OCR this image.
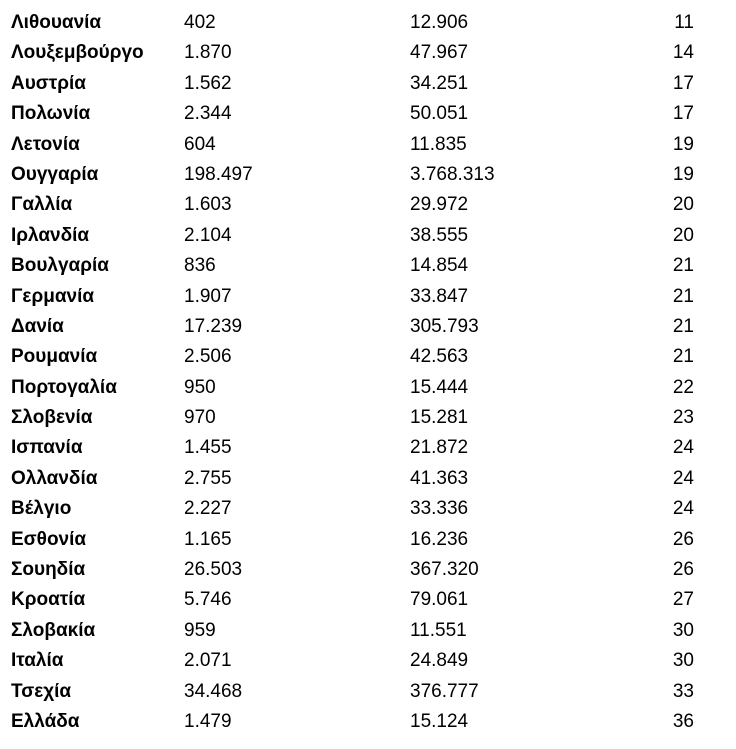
Λιθουανία	402	12.906	11
Λουξεμβούργο 1.870	47.967	14
Αυστρία	1.562	34.251	17
Πολωνία	2.344	50.051	17
Λετονία	604	11.835	19
Ουγγαρία	198.497	3.768.313	19
Γαλλία	1.603	29.972	20
Ιρλανδία	2.104	38.555	20
Βουλγαρία	836	14.854	21
Γερμανία	1.907	33.847	21
Δανία	17.239	305.793	21
Ρουμανία	2.506	42.563	21
Πορτογαλία	950	15.444	22
Σλοβενία	970	15.281	23
Ισπανία	1.455	21.872	24
Ολλανδία	2.755	41.363	24
Βέλγιο	2.227	33.336	24
Εσθονία	1.165	16.236	26
Σουηδία	26.503	367.320	26
Κροατία	5.746	79.061	27
Σλοβακία	959	11.551	30
Ιταλία	2.071	24.849	30
Τσεχία	34.468	376.777	33
Ελλάδα	1.479	15.124	36
